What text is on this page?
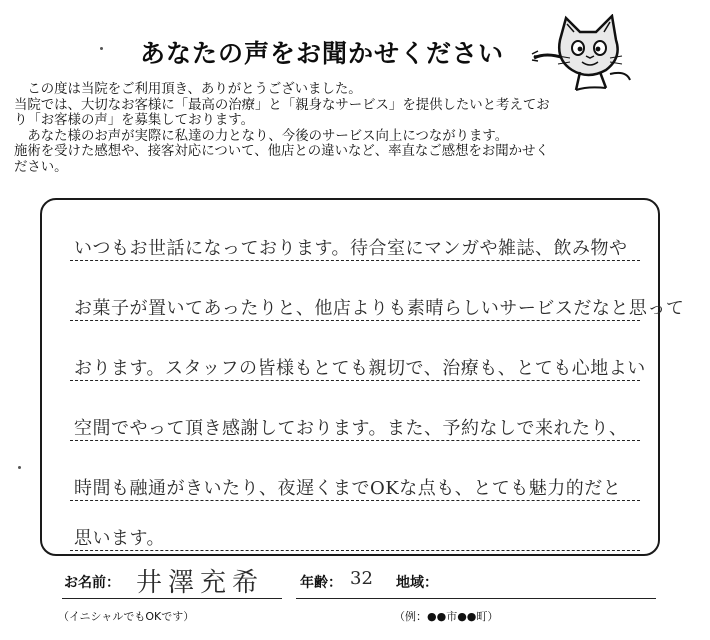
あなたの声をお聞かせください

　この度は当院をご利用頂き、ありがとうございました。

当院では、大切なお客様に「最高の治療」と「親身なサービス」を提供したいと考えてお

り「お客様の声」を募集しております。

　あなた様のお声が実際に私達の力となり、今後のサービス向上につながります。

施術を受けた感想や、接客対応について、他店との違いなど、率直なご感想をお聞かせく

ださい。

いつもお世話になっております。待合室にマンガや雑誌、飲み物や
お菓子が置いてあったりと、他店よりも素晴らしいサービスだなと思って
おります。スタッフの皆様もとても親切で、治療も、とても心地よい
空間でやって頂き感謝しております。また、予約なしで来れたり、
時間も融通がきいたり、夜遅くまでOKな点も、とても魅力的だと
思います。
お名前： 井澤充希	年齢： 32 地域：
（イニシャルでもOKです）	（例：●●市●●町）
